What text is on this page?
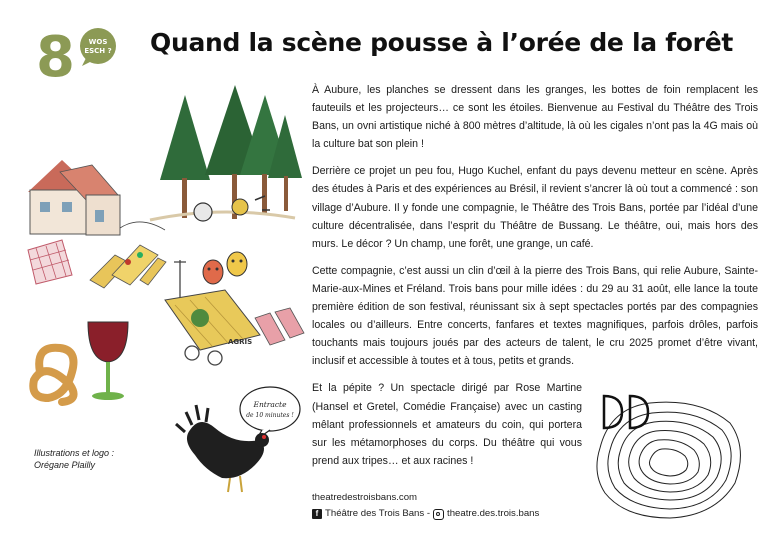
8 WOS
ESCH ? Quand la scène pousse à l’orée de la forêt
AGRIS
Entracte
de 10 minutes !
Illustrations et logo :
Orégane Plailly

À Aubure, les planches se dressent dans les granges, les bottes de foin remplacent les fauteuils et les projecteurs… ce sont les étoiles. Bienvenue au Festival du Théâtre des Trois Bans, un ovni artistique niché à 800 mètres d’altitude, là où les cigales n’ont pas la 4G mais où la culture bat son plein !

Derrière ce projet un peu fou, Hugo Kuchel, enfant du pays devenu metteur en scène. Après des études à Paris et des expériences au Brésil, il revient s’ancrer là où tout a commencé : son village d’Aubure. Il y fonde une compagnie, le Théâtre des Trois Bans, portée par l’idéal d’une culture décentralisée, dans l’esprit du Théâtre de Bussang. Le théâtre, oui, mais hors des murs. Le décor ? Un champ, une forêt, une grange, un café.

Cette compagnie, c’est aussi un clin d’œil à la pierre des Trois Bans, qui relie Aubure, Sainte-Marie-aux-Mines et Fréland. Trois bans pour mille idées : du 29 au 31 août, elle lance la toute première édition de son festival, réunissant six à sept spectacles portés par des compagnies locales ou d’ailleurs. Entre concerts, fanfares et textes magnifiques, parfois drôles, parfois touchants mais toujours joués par des acteurs de talent, le cru 2025 promet d’être vivant, inclusif et accessible à toutes et à tous, petits et grands.

Et la pépite ? Un spectacle dirigé par Rose Martine (Hansel et Gretel, Comédie Française) avec un casting mêlant professionnels et amateurs du coin, qui portera sur les métamorphoses du corps. Du théâtre qui vous prend aux tripes… et aux racines !

theatredestroisbans.com
f Théâtre des Trois Bans - theatre.des.trois.bans
